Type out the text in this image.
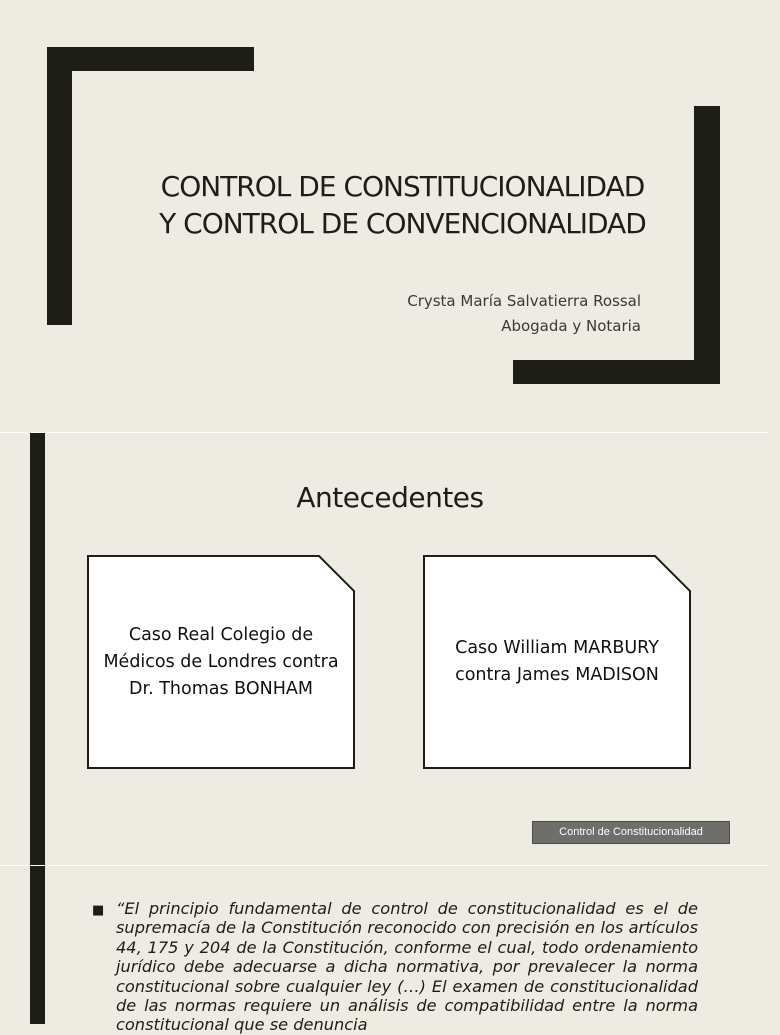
CONTROL DE CONSTITUCIONALIDAD
Y CONTROL DE CONVENCIONALIDAD
Crysta María Salvatierra Rossal
Abogada y Notaria
Antecedentes
Caso Real Colegio de Médicos de Londres contra Dr. Thomas BONHAM
Caso William MARBURY contra James MADISON
Control de Constitucionalidad
■ “El principio fundamental de control de constitucionalidad es el de supremacía de la Constitución reconocido con precisión en los artículos 44, 175 y 204 de la Constitución, conforme el cual, todo ordenamiento jurídico debe adecuarse a dicha normativa, por prevalecer la norma constitucional sobre cualquier ley (…) El examen de constitucionalidad de las normas requiere un análisis de compatibilidad entre la norma constitucional que se denuncia
